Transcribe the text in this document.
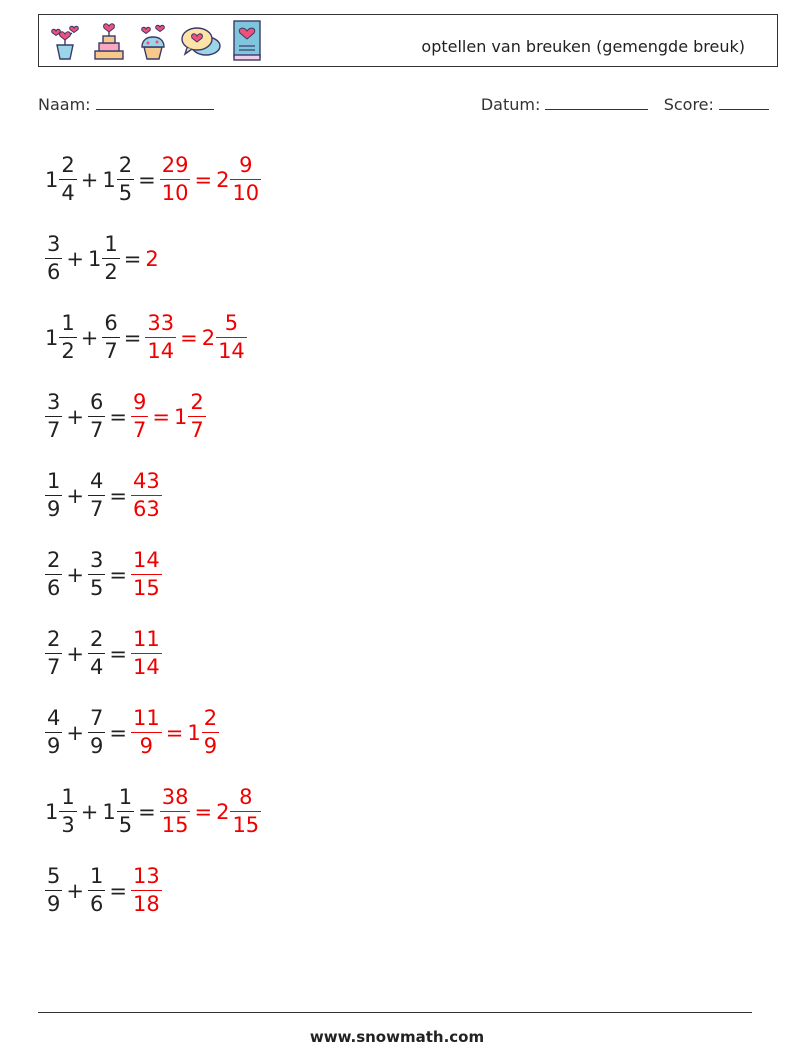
optellen van breuken (gemengde breuk)
Naam:	Datum:	Score:
$1 \frac{2}{4} + 1 \frac{2}{5} = \frac{29}{10} = 2 \frac{9}{10}$
$\frac{3}{6} + 1 \frac{1}{2} = 2$
$1 \frac{1}{2} + \frac{6}{7} = \frac{33}{14} = 2 \frac{5}{14}$
$\frac{3}{7} + \frac{6}{7} = \frac{9}{7} = 1 \frac{2}{7}$
$\frac{1}{9} + \frac{4}{7} = \frac{43}{63}$
$\frac{2}{6} + \frac{3}{5} = \frac{14}{15}$
$\frac{2}{7} + \frac{2}{4} = \frac{11}{14}$
$\frac{4}{9} + \frac{7}{9} = \frac{11}{9} = 1 \frac{2}{9}$
$1 \frac{1}{3} + 1 \frac{1}{5} = \frac{38}{15} = 2 \frac{8}{15}$
$\frac{5}{9} + \frac{1}{6} = \frac{13}{18}$
www.snowmath.com
